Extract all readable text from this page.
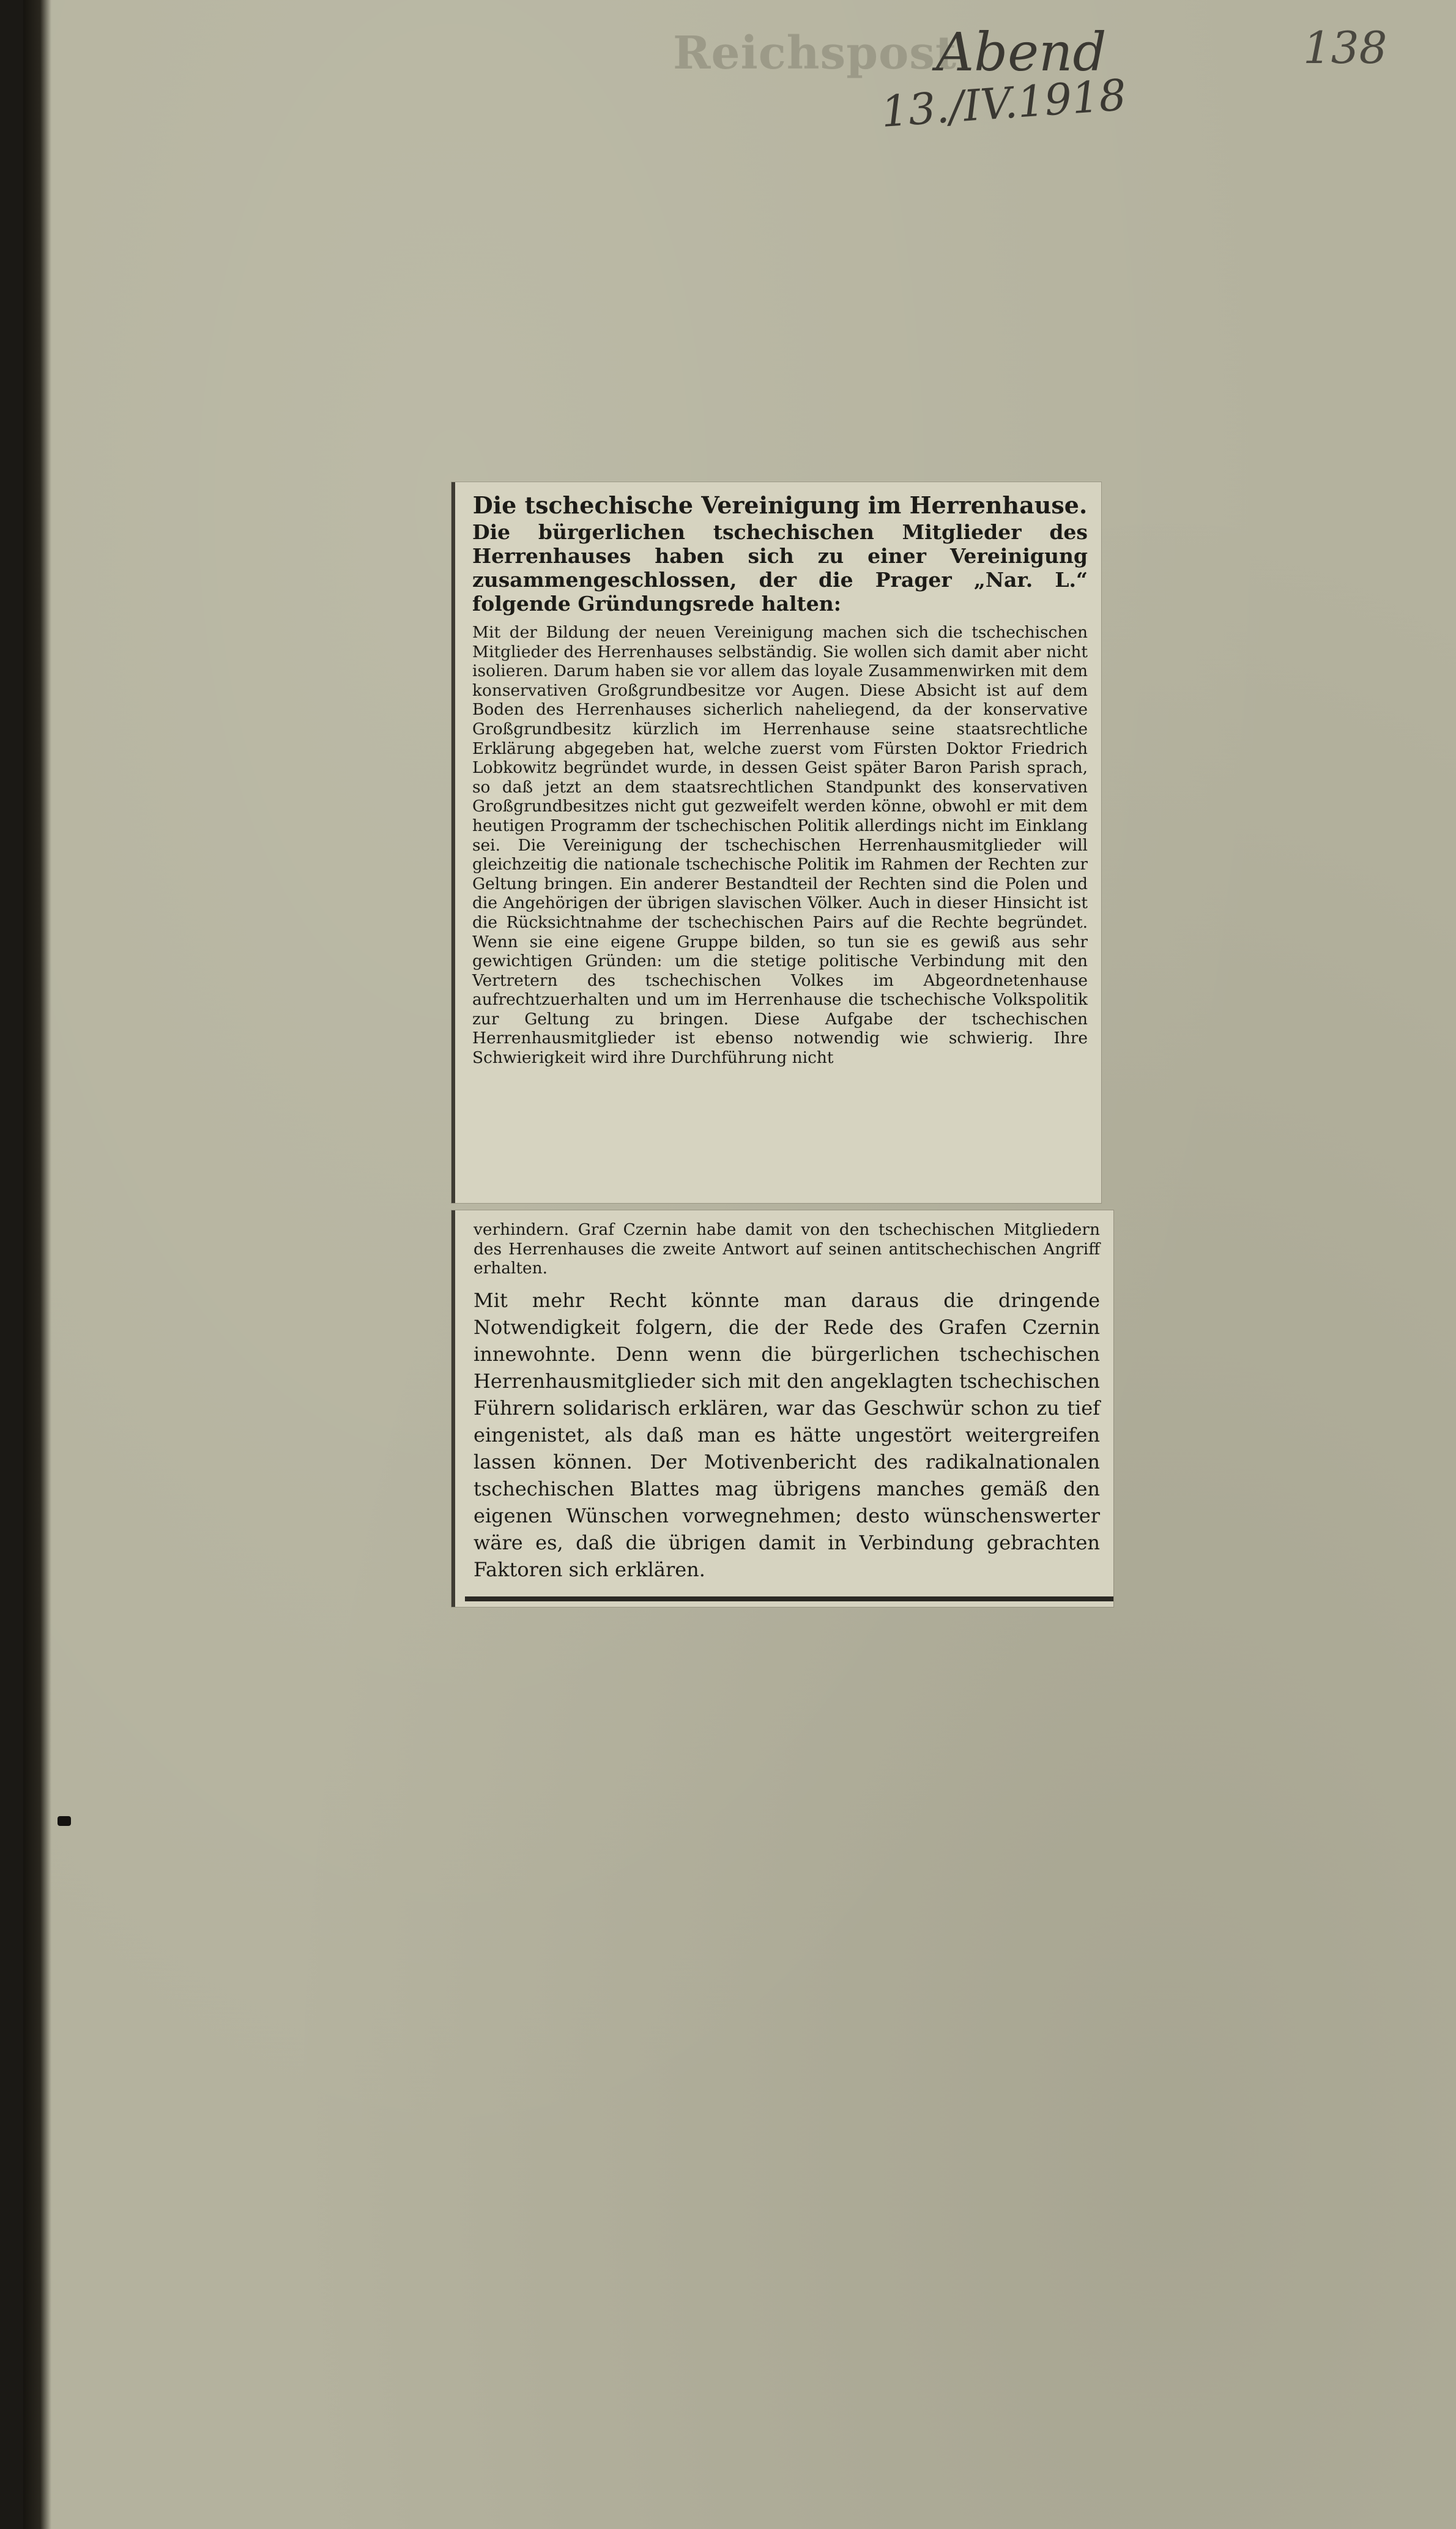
Reichspost
Abend
13./IV.1918
138
Die tschechische Vereinigung im Herrenhause.

Die bürgerlichen tschechischen Mitglieder des Herrenhauses haben sich zu einer Vereinigung zusammengeschlossen, der die Prager „Nar. L.“ folgende Gründungsrede halten:

Mit der Bildung der neuen Vereinigung machen sich die tschechischen Mitglieder des Herrenhauses selbständig. Sie wollen sich damit aber nicht isolieren. Darum haben sie vor allem das loyale Zusammenwirken mit dem konservativen Großgrundbesitze vor Augen. Diese Absicht ist auf dem Boden des Herrenhauses sicherlich naheliegend, da der konservative Großgrundbesitz kürzlich im Herrenhause seine staatsrechtliche Erklärung abgegeben hat, welche zuerst vom Fürsten Doktor Friedrich Lobkowitz begründet wurde, in dessen Geist später Baron Parish sprach, so daß jetzt an dem staatsrechtlichen Standpunkt des konservativen Großgrundbesitzes nicht gut gezweifelt werden könne, obwohl er mit dem heutigen Programm der tschechischen Politik allerdings nicht im Einklang sei. Die Vereinigung der tschechischen Herrenhausmitglieder will gleichzeitig die nationale tschechische Politik im Rahmen der Rechten zur Geltung bringen. Ein anderer Bestandteil der Rechten sind die Polen und die Angehörigen der übrigen slavischen Völker. Auch in dieser Hinsicht ist die Rücksichtnahme der tschechischen Pairs auf die Rechte begründet. Wenn sie eine eigene Gruppe bilden, so tun sie es gewiß aus sehr gewichtigen Gründen: um die stetige politische Verbindung mit den Vertretern des tschechischen Volkes im Abgeordnetenhause aufrechtzuerhalten und um im Herrenhause die tschechische Volkspolitik zur Geltung zu bringen. Diese Aufgabe der tschechischen Herrenhausmitglieder ist ebenso notwendig wie schwierig. Ihre Schwierigkeit wird ihre Durchführung nicht

verhindern. Graf Czernin habe damit von den tschechischen Mitgliedern des Herrenhauses die zweite Antwort auf seinen antitschechischen Angriff erhalten.

Mit mehr Recht könnte man daraus die dringende Notwendigkeit folgern, die der Rede des Grafen Czernin innewohnte. Denn wenn die bürgerlichen tschechischen Herrenhausmitglieder sich mit den angeklagten tschechischen Führern solidarisch erklären, war das Geschwür schon zu tief eingenistet, als daß man es hätte ungestört weitergreifen lassen können. Der Motivenbericht des radikalnationalen tschechischen Blattes mag übrigens manches gemäß den eigenen Wünschen vorwegnehmen; desto wünschenswerter wäre es, daß die übrigen damit in Verbindung gebrachten Faktoren sich erklären.
